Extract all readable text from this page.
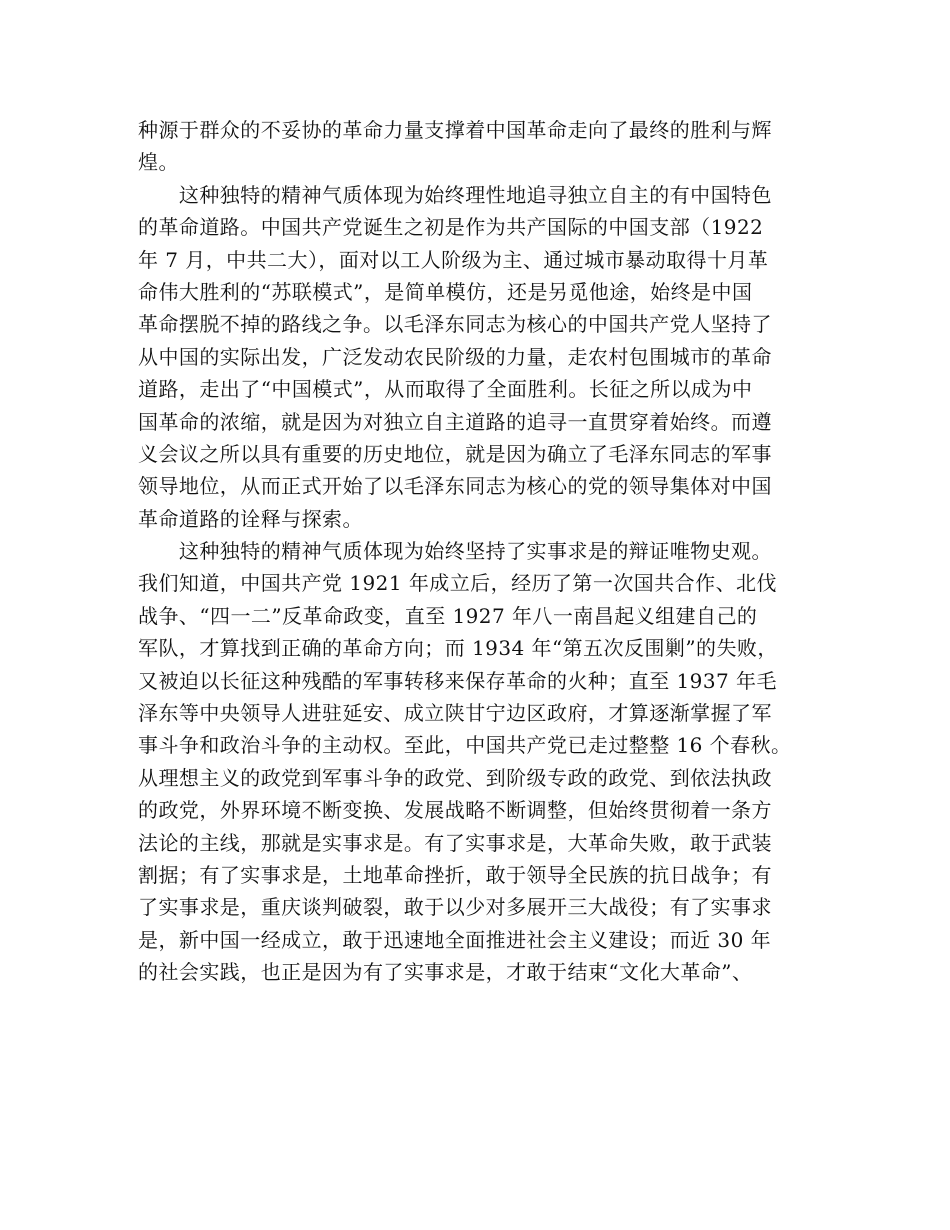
种源于群众的不妥协的革命力量支撑着中国革命走向了最终的胜利与辉
煌。
　　这种独特的精神气质体现为始终理性地追寻独立自主的有中国特色
的革命道路。中国共产党诞生之初是作为共产国际的中国支部（1922
年 7 月，中共二大），面对以工人阶级为主、通过城市暴动取得十月革
命伟大胜利的“苏联模式”，是简单模仿，还是另觅他途，始终是中国
革命摆脱不掉的路线之争。以毛泽东同志为核心的中国共产党人坚持了
从中国的实际出发，广泛发动农民阶级的力量，走农村包围城市的革命
道路，走出了“中国模式”，从而取得了全面胜利。长征之所以成为中
国革命的浓缩，就是因为对独立自主道路的追寻一直贯穿着始终。而遵
义会议之所以具有重要的历史地位，就是因为确立了毛泽东同志的军事
领导地位，从而正式开始了以毛泽东同志为核心的党的领导集体对中国
革命道路的诠释与探索。
　　这种独特的精神气质体现为始终坚持了实事求是的辩证唯物史观。
我们知道，中国共产党 1921 年成立后，经历了第一次国共合作、北伐
战争、“四一二”反革命政变，直至 1927 年八一南昌起义组建自己的
军队，才算找到正确的革命方向；而 1934 年“第五次反围剿”的失败，
又被迫以长征这种残酷的军事转移来保存革命的火种；直至 1937 年毛
泽东等中央领导人进驻延安、成立陕甘宁边区政府，才算逐渐掌握了军
事斗争和政治斗争的主动权。至此，中国共产党已走过整整 16 个春秋。
从理想主义的政党到军事斗争的政党、到阶级专政的政党、到依法执政
的政党，外界环境不断变换、发展战略不断调整，但始终贯彻着一条方
法论的主线，那就是实事求是。有了实事求是，大革命失败，敢于武装
割据；有了实事求是，土地革命挫折，敢于领导全民族的抗日战争；有
了实事求是，重庆谈判破裂，敢于以少对多展开三大战役；有了实事求
是，新中国一经成立，敢于迅速地全面推进社会主义建设；而近 30 年
的社会实践，也正是因为有了实事求是，才敢于结束“文化大革命”、
